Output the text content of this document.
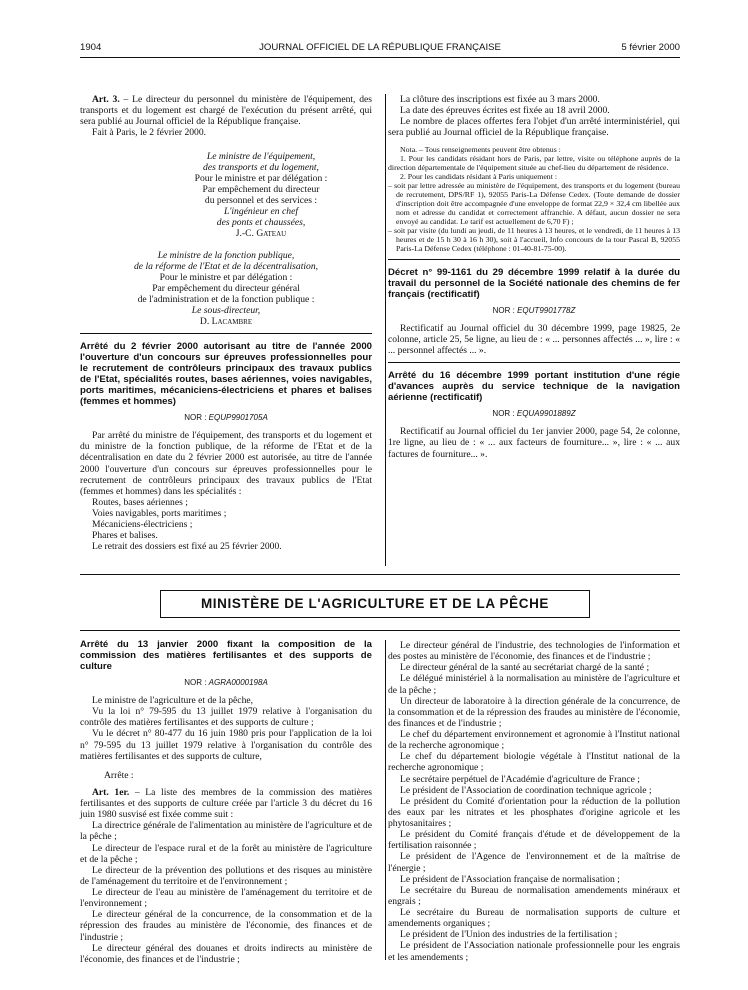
1904	JOURNAL OFFICIEL DE LA RÉPUBLIQUE FRANÇAISE	5 février 2000

Art. 3. – Le directeur du personnel du ministère de l'équipement, des transports et du logement est chargé de l'exécution du présent arrêté, qui sera publié au Journal officiel de la République française.

Fait à Paris, le 2 février 2000.

Le ministre de l'équipement,

des transports et du logement,

Pour le ministre et par délégation :

Par empêchement du directeur

du personnel et des services :

L'ingénieur en chef

des ponts et chaussées,

J.-C. Gateau

Le ministre de la fonction publique,

de la réforme de l'Etat et de la décentralisation,

Pour le ministre et par délégation :

Par empêchement du directeur général

de l'administration et de la fonction publique :

Le sous-directeur,

D. Lacambre

Arrêté du 2 février 2000 autorisant au titre de l'année 2000 l'ouverture d'un concours sur épreuves professionnelles pour le recrutement de contrôleurs principaux des travaux publics de l'Etat, spécialités routes, bases aériennes, voies navigables, ports maritimes, mécaniciens-électriciens et phares et balises (femmes et hommes)

NOR : EQUP9901705A

Par arrêté du ministre de l'équipement, des transports et du logement et du ministre de la fonction publique, de la réforme de l'Etat et de la décentralisation en date du 2 février 2000 est autorisée, au titre de l'année 2000 l'ouverture d'un concours sur épreuves professionnelles pour le recrutement de contrôleurs principaux des travaux publics de l'Etat (femmes et hommes) dans les spécialités :

Routes, bases aériennes ;

Voies navigables, ports maritimes ;

Mécaniciens-électriciens ;

Phares et balises.

Le retrait des dossiers est fixé au 25 février 2000.

La clôture des inscriptions est fixée au 3 mars 2000.

La date des épreuves écrites est fixée au 18 avril 2000.

Le nombre de places offertes fera l'objet d'un arrêté interministériel, qui sera publié au Journal officiel de la République française.

Nota. – Tous renseignements peuvent être obtenus :

1. Pour les candidats résidant hors de Paris, par lettre, visite ou téléphone auprès de la direction départementale de l'équipement située au chef-lieu du département de résidence.

2. Pour les candidats résidant à Paris uniquement :

– soit par lettre adressée au ministère de l'équipement, des transports et du logement (bureau de recrutement, DPS/RF 1), 92055 Paris-La Défense Cedex. (Toute demande de dossier d'inscription doit être accompagnée d'une enveloppe de format 22,9 × 32,4 cm libellée aux nom et adresse du candidat et correctement affranchie. A défaut, aucun dossier ne sera envoyé au candidat. Le tarif est actuellement de 6,70 F) ;

– soit par visite (du lundi au jeudi, de 11 heures à 13 heures, et le vendredi, de 11 heures à 13 heures et de 15 h 30 à 16 h 30), soit à l'accueil, Info concours de la tour Pascal B, 92055 Paris-La Défense Cedex (téléphone : 01-40-81-75-00).

Décret n° 99-1161 du 29 décembre 1999 relatif à la durée du travail du personnel de la Société nationale des chemins de fer français (rectificatif)

NOR : EQUT9901778Z

Rectificatif au Journal officiel du 30 décembre 1999, page 19825, 2e colonne, article 25, 5e ligne, au lieu de : « ... personnes affectés ... », lire : « ... personnel affectés ... ».

Arrêté du 16 décembre 1999 portant institution d'une régie d'avances auprès du service technique de la navigation aérienne (rectificatif)

NOR : EQUA9901889Z

Rectificatif au Journal officiel du 1er janvier 2000, page 54, 2e colonne, 1re ligne, au lieu de : « ... aux facteurs de fourniture... », lire : « ... aux factures de fourniture... ».

MINISTÈRE DE L'AGRICULTURE ET DE LA PÊCHE

Arrêté du 13 janvier 2000 fixant la composition de la commission des matières fertilisantes et des supports de culture

NOR : AGRA0000198A

Le ministre de l'agriculture et de la pêche,

Vu la loi n° 79-595 du 13 juillet 1979 relative à l'organisation du contrôle des matières fertilisantes et des supports de culture ;

Vu le décret n° 80-477 du 16 juin 1980 pris pour l'application de la loi n° 79-595 du 13 juillet 1979 relative à l'organisation du contrôle des matières fertilisantes et des supports de culture,

Arrête :

Art. 1er. – La liste des membres de la commission des matières fertilisantes et des supports de culture créée par l'article 3 du décret du 16 juin 1980 susvisé est fixée comme suit :

La directrice générale de l'alimentation au ministère de l'agriculture et de la pêche ;

Le directeur de l'espace rural et de la forêt au ministère de l'agriculture et de la pêche ;

Le directeur de la prévention des pollutions et des risques au ministère de l'aménagement du territoire et de l'environnement ;

Le directeur de l'eau au ministère de l'aménagement du territoire et de l'environnement ;

Le directeur général de la concurrence, de la consommation et de la répression des fraudes au ministère de l'économie, des finances et de l'industrie ;

Le directeur général des douanes et droits indirects au ministère de l'économie, des finances et de l'industrie ;

Le directeur général de l'industrie, des technologies de l'information et des postes au ministère de l'économie, des finances et de l'industrie ;

Le directeur général de la santé au secrétariat chargé de la santé ;

Le délégué ministériel à la normalisation au ministère de l'agriculture et de la pêche ;

Un directeur de laboratoire à la direction générale de la concurrence, de la consommation et de la répression des fraudes au ministère de l'économie, des finances et de l'industrie ;

Le chef du département environnement et agronomie à l'Institut national de la recherche agronomique ;

Le chef du département biologie végétale à l'Institut national de la recherche agronomique ;

Le secrétaire perpétuel de l'Académie d'agriculture de France ;

Le président de l'Association de coordination technique agricole ;

Le président du Comité d'orientation pour la réduction de la pollution des eaux par les nitrates et les phosphates d'origine agricole et les phytosanitaires ;

Le président du Comité français d'étude et de développement de la fertilisation raisonnée ;

Le président de l'Agence de l'environnement et de la maîtrise de l'énergie ;

Le président de l'Association française de normalisation ;

Le secrétaire du Bureau de normalisation amendements minéraux et engrais ;

Le secrétaire du Bureau de normalisation supports de culture et amendements organiques ;

Le président de l'Union des industries de la fertilisation ;

Le président de l'Association nationale professionnelle pour les engrais et les amendements ;
